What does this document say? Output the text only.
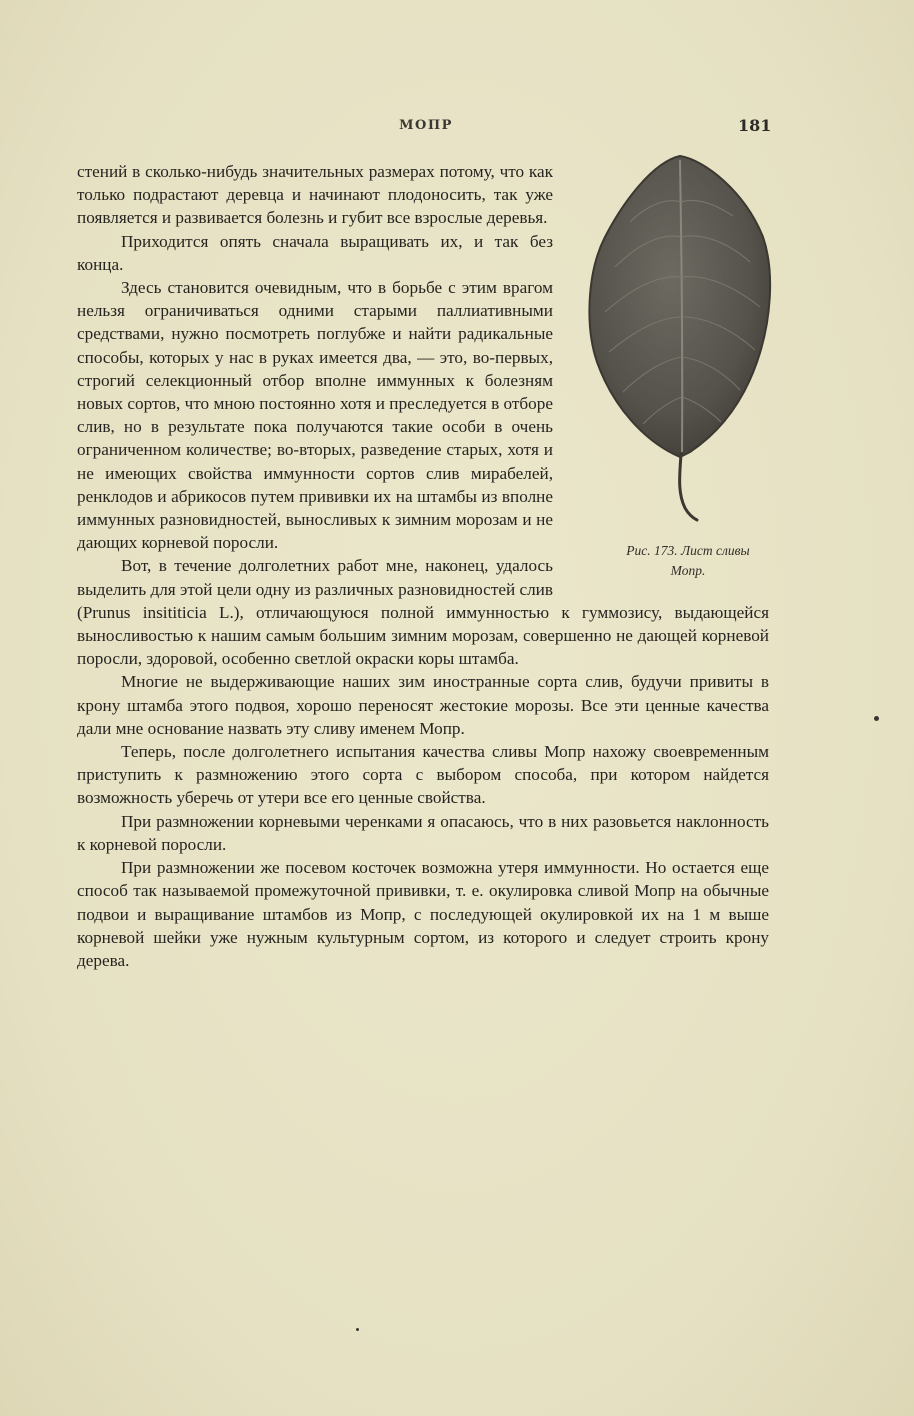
МОПР	181
Рис. 173. Лист сливы
Мопр.

стений в сколько-нибудь значительных размерах потому, что как только подрастают деревца и начинают плодоносить, так уже появляется и развивается болезнь и губит все взрослые деревья.

Приходится опять сначала выращивать их, и так без конца.

Здесь становится очевидным, что в борьбе с этим врагом нельзя ограничиваться одними старыми паллиативными средствами, нужно посмотреть поглубже и найти радикальные способы, которых у нас в руках имеется два, — это, во-первых, строгий селекционный отбор вполне иммунных к болезням новых сортов, что мною постоянно хотя и преследуется в отборе слив, но в результате пока получаются такие особи в очень ограниченном количестве; во-вторых, разведение старых, хотя и не имеющих свойства иммунности сортов слив мирабелей, ренклодов и абрикосов путем прививки их на штамбы из вполне иммунных разновидностей, выносливых к зимним морозам и не дающих корневой поросли.

Вот, в течение долголетних работ мне, наконец, удалось выделить для этой цели одну из различных разновидностей слив (Prunus insititicia L.), отличающуюся полной иммунностью к гуммозису, выдающейся выносливостью к нашим самым большим зимним морозам, совершенно не дающей корневой поросли, здоровой, особенно светлой окраски коры штамба.

Многие не выдерживающие наших зим иностранные сорта слив, будучи привиты в крону штамба этого подвоя, хорошо переносят жестокие морозы. Все эти ценные качества дали мне основание назвать эту сливу именем Мопр.

Теперь, после долголетнего испытания качества сливы Мопр нахожу своевременным приступить к размножению этого сорта с выбором способа, при котором найдется возможность уберечь от утери все его ценные свойства.

При размножении корневыми черенками я опасаюсь, что в них разовьется наклонность к корневой поросли.

При размножении же посевом косточек возможна утеря иммунности. Но остается еще способ так называемой промежуточной прививки, т. е. окулировка сливой Мопр на обычные подвои и выращивание штамбов из Мопр, с последующей окулировкой их на 1 м выше корневой шейки уже нужным культурным сортом, из которого и следует строить крону дерева.
